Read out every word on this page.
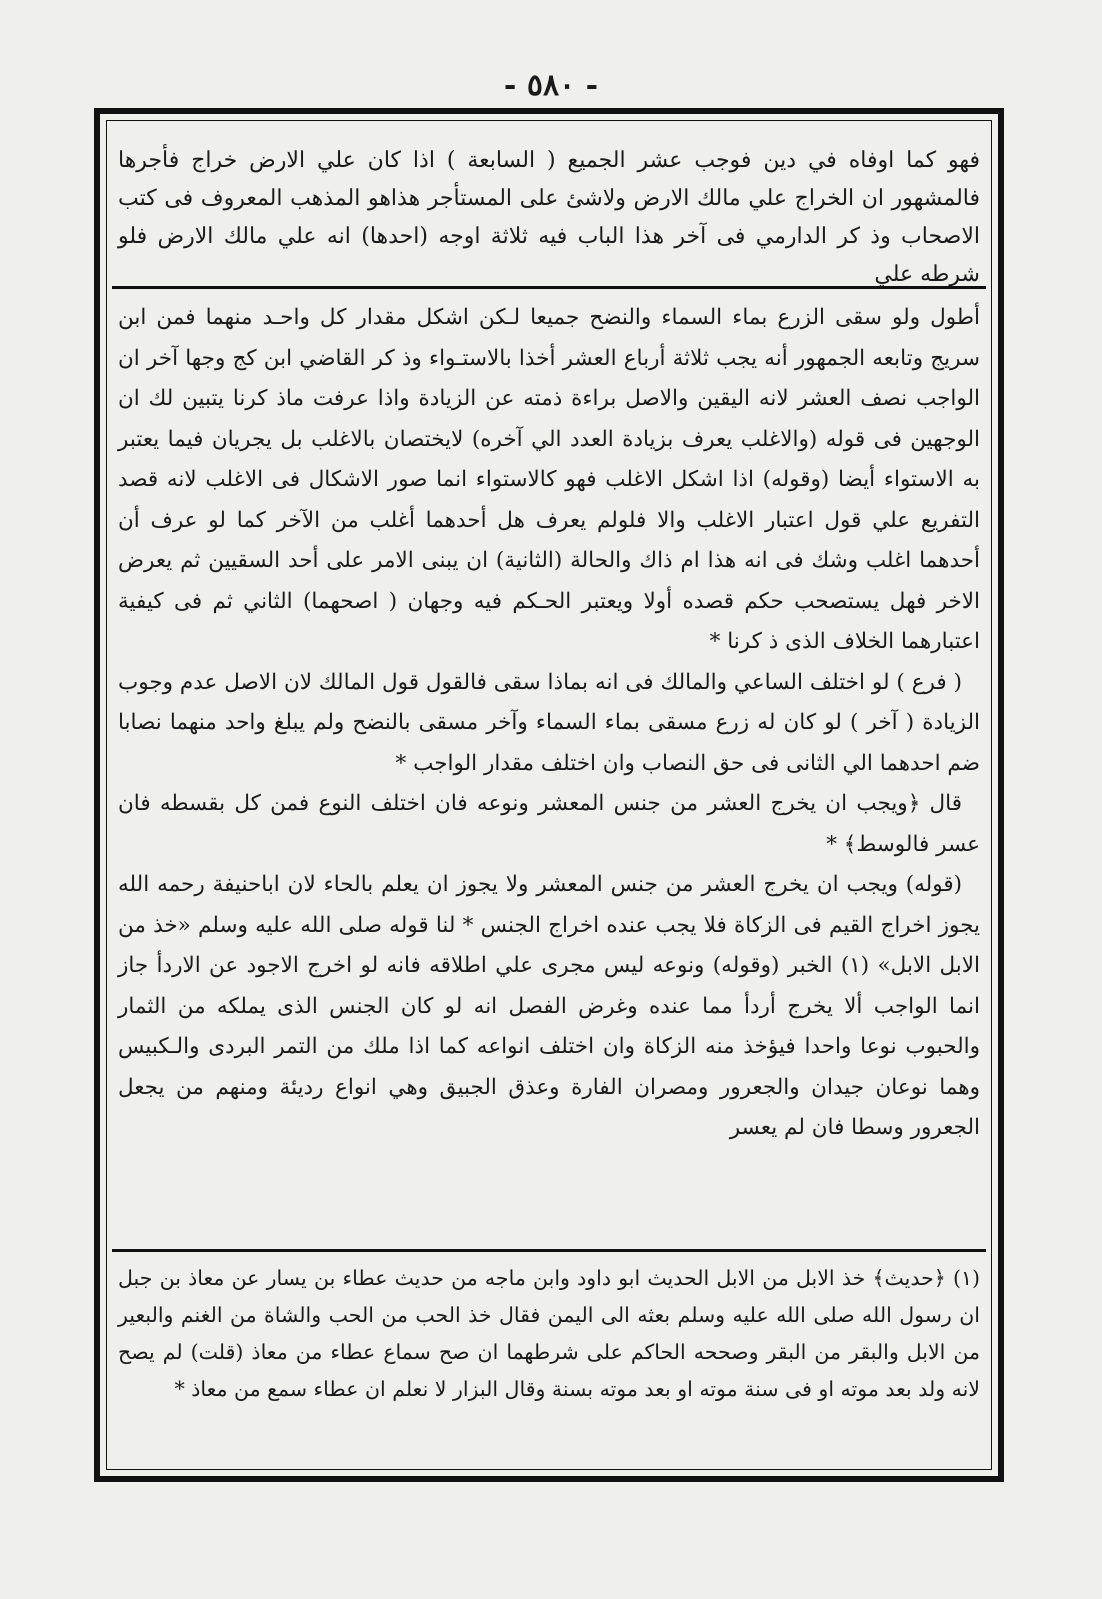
- ٥٨٠ -

فهو كما اوفاه في دين فوجب عشر الجميع ( السابعة ) اذا كان علي الارض خراج فأجرها فالمشهور ان الخراج علي مالك الارض ولاشئ على المستأجر هذاهو المذهب المعروف فى كتب الاصحاب وذ كر الدارمي فى آخر هذا الباب فيه ثلاثة اوجه (احدها) انه علي مالك الارض فلو شرطه علي

أطول ولو سقى الزرع بماء السماء والنضح جميعا لـكن اشكل مقدار كل واحـد منهما فمن ابن سريج وتابعه الجمهور أنه يجب ثلاثة أرباع العشر أخذا بالاستـواء وذ كر القاضي ابن كج وجها آخر ان الواجب نصف العشر لانه اليقين والاصل براءة ذمته عن الزيادة واذا عرفت ماذ كرنا يتبين لك ان الوجهين فى قوله (والاغلب يعرف بزيادة العدد الي آخره) لايختصان بالاغلب بل يجريان فيما يعتبر به الاستواء أيضا (وقوله) اذا اشكل الاغلب فهو كالاستواء انما صور الاشكال فى الاغلب لانه قصد التفريع علي قول اعتبار الاغلب والا فلولم يعرف هل أحدهما أغلب من الآخر كما لو عرف أن أحدهما اغلب وشك فى انه هذا ام ذاك والحالة (الثانية) ان يبنى الامر على أحد السقيين ثم يعرض الاخر فهل يستصحب حكم قصده أولا ويعتبر الحـكم فيه وجهان ( اصحهما) الثاني ثم فى كيفية اعتبارهما الخلاف الذى ذ كرنا *

( فرع ) لو اختلف الساعي والمالك فى انه بماذا سقى فالقول قول المالك لان الاصل عدم وجوب الزيادة ( آخر ) لو كان له زرع مسقى بماء السماء وآخر مسقى بالنضح ولم يبلغ واحد منهما نصابا ضم احدهما الي الثانى فى حق النصاب وان اختلف مقدار الواجب *

قال ﴿ويجب ان يخرج العشر من جنس المعشر ونوعه فان اختلف النوع فمن كل بقسطه فان عسر فالوسط﴾ *

(قوله) ويجب ان يخرج العشر من جنس المعشر ولا يجوز ان يعلم بالحاء لان اباحنيفة رحمه الله يجوز اخراج القيم فى الزكاة فلا يجب عنده اخراج الجنس * لنا قوله صلى الله عليه وسلم «خذ من الابل الابل» (١) الخبر (وقوله) ونوعه ليس مجرى علي اطلاقه فانه لو اخرج الاجود عن الاردأ جاز انما الواجب ألا يخرج أردأ مما عنده وغرض الفصل انه لو كان الجنس الذى يملكه من الثمار والحبوب نوعا واحدا فيؤخذ منه الزكاة وان اختلف انواعه كما اذا ملك من التمر البردى والـكبيس وهما نوعان جيدان والجعرور ومصران الفارة وعذق الجبيق وهي انواع رديئة ومنهم من يجعل الجعرور وسطا فان لم يعسر

(١) ﴿حديث﴾ خذ الابل من الابل الحديث ابو داود وابن ماجه من حديث عطاء بن يسار عن معاذ بن جبل ان رسول الله صلى الله عليه وسلم بعثه الى اليمن فقال خذ الحب من الحب والشاة من الغنم والبعير من الابل والبقر من البقر وصححه الحاكم على شرطهما ان صح سماع عطاء من معاذ (قلت) لم يصح لانه ولد بعد موته او فى سنة موته او بعد موته بسنة وقال البزار لا نعلم ان عطاء سمع من معاذ *
